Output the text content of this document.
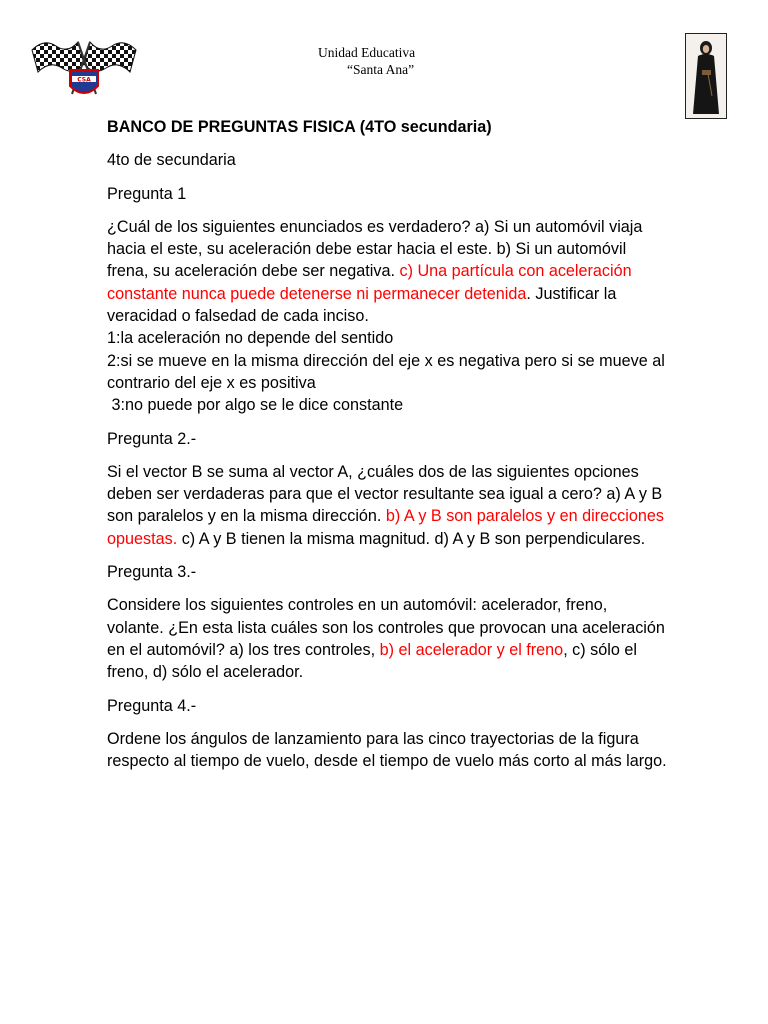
CSA
Unidad Educativa
“Santa Ana”

BANCO DE PREGUNTAS FISICA (4TO secundaria)

4to de secundaria

Pregunta 1

¿Cuál de los siguientes enunciados es verdadero? a) Si un automóvil viaja hacia el este, su aceleración debe estar hacia el este. b) Si un automóvil frena, su aceleración debe ser negativa. c) Una partícula con aceleración constante nunca puede detenerse ni permanecer detenida. Justificar la veracidad o falsedad de cada inciso.
1:la aceleración no depende del sentido
2:si se mueve en la misma dirección del eje x es negativa pero si se mueve al contrario del eje x es positiva
3:no puede por algo se le dice constante

Pregunta 2.-

Si el vector B se suma al vector A, ¿cuáles dos de las siguientes opciones deben ser verdaderas para que el vector resultante sea igual a cero? a) A y B son paralelos y en la misma dirección. b) A y B son paralelos y en direcciones opuestas. c) A y B tienen la misma magnitud. d) A y B son perpendiculares.

Pregunta 3.-

Considere los siguientes controles en un automóvil: acelerador, freno, volante. ¿En esta lista cuáles son los controles que provocan una aceleración en el automóvil? a) los tres controles, b) el acelerador y el freno, c) sólo el freno, d) sólo el acelerador.

Pregunta 4.-

Ordene los ángulos de lanzamiento para las cinco trayectorias de la figura respecto al tiempo de vuelo, desde el tiempo de vuelo más corto al más largo.
